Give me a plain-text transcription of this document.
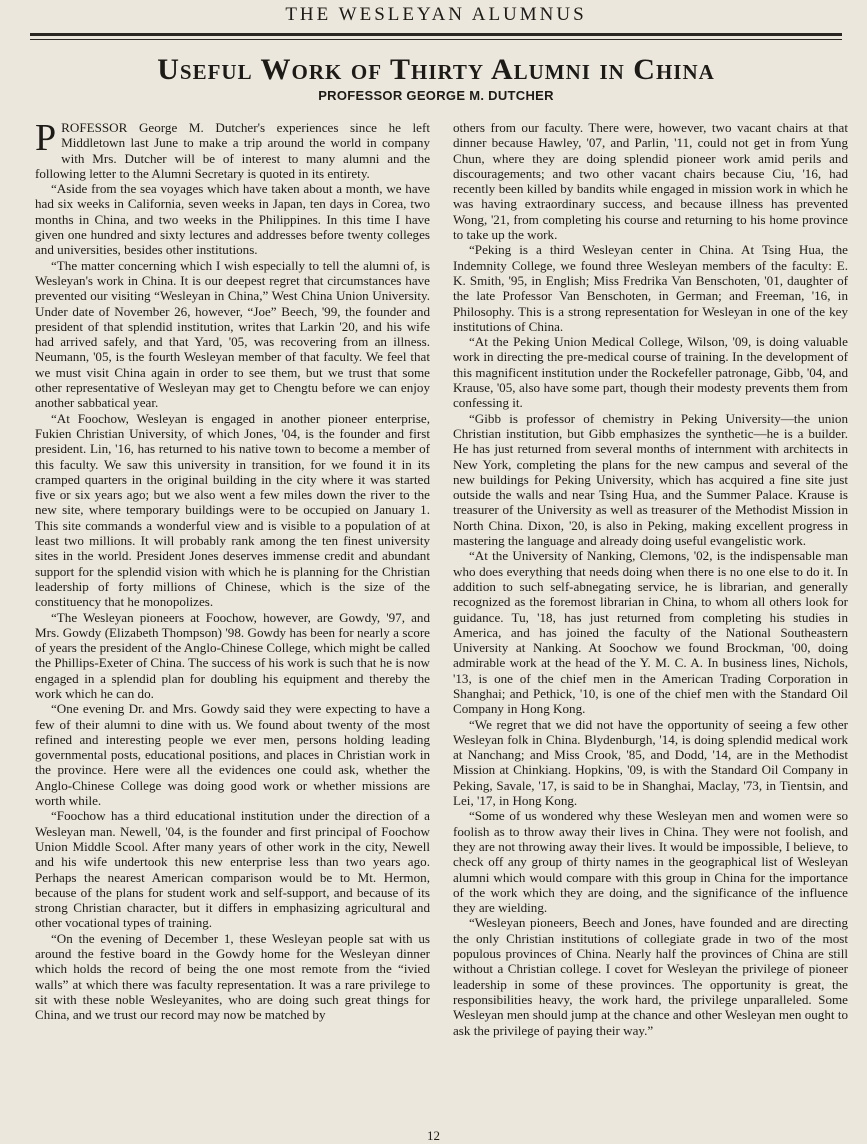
THE WESLEYAN ALUMNUS
Useful Work of Thirty Alumni in China
PROFESSOR GEORGE M. DUTCHER

PROFESSOR George M. Dutcher's experiences since he left Middletown last June to make a trip around the world in company with Mrs. Dutcher will be of interest to many alumni and the following letter to the Alumni Secretary is quoted in its entirety.

“Aside from the sea voyages which have taken about a month, we have had six weeks in California, seven weeks in Japan, ten days in Corea, two months in China, and two weeks in the Philippines. In this time I have given one hundred and sixty lectures and addresses before twenty colleges and universities, besides other institutions.

“The matter concerning which I wish especially to tell the alumni of, is Wesleyan's work in China. It is our deepest regret that circumstances have prevented our visiting “Wesleyan in China,” West China Union University. Under date of November 26, however, “Joe” Beech, '99, the founder and president of that splendid institution, writes that Larkin '20, and his wife had arrived safely, and that Yard, '05, was recovering from an illness. Neumann, '05, is the fourth Wesleyan member of that faculty. We feel that we must visit China again in order to see them, but we trust that some other representative of Wesleyan may get to Chengtu before we can enjoy another sabbatical year.

“At Foochow, Wesleyan is engaged in another pioneer enterprise, Fukien Christian University, of which Jones, '04, is the founder and first president. Lin, '16, has returned to his native town to become a member of this faculty. We saw this university in transition, for we found it in its cramped quarters in the original building in the city where it was started five or six years ago; but we also went a few miles down the river to the new site, where temporary buildings were to be occupied on January 1. This site commands a wonderful view and is visible to a population of at least two millions. It will probably rank among the ten finest university sites in the world. President Jones deserves immense credit and abundant support for the splendid vision with which he is planning for the Christian leadership of forty millions of Chinese, which is the size of the constituency that he monopolizes.

“The Wesleyan pioneers at Foochow, however, are Gowdy, '97, and Mrs. Gowdy (Elizabeth Thompson) '98. Gowdy has been for nearly a score of years the president of the Anglo-Chinese College, which might be called the Phillips-Exeter of China. The success of his work is such that he is now engaged in a splendid plan for doubling his equipment and thereby the work which he can do.

“One evening Dr. and Mrs. Gowdy said they were expecting to have a few of their alumni to dine with us. We found about twenty of the most refined and interesting people we ever men, persons holding leading governmental posts, educational positions, and places in Christian work in the province. Here were all the evidences one could ask, whether the Anglo-Chinese College was doing good work or whether missions are worth while.

“Foochow has a third educational institution under the direction of a Wesleyan man. Newell, '04, is the founder and first principal of Foochow Union Middle Scool. After many years of other work in the city, Newell and his wife undertook this new enterprise less than two years ago. Perhaps the nearest American comparison would be to Mt. Hermon, because of the plans for student work and self-support, and because of its strong Christian character, but it differs in emphasizing agricultural and other vocational types of training.

“On the evening of December 1, these Wesleyan people sat with us around the festive board in the Gowdy home for the Wesleyan dinner which holds the record of being the one most remote from the “ivied walls” at which there was faculty representation. It was a rare privilege to sit with these noble Wesleyanites, who are doing such great things for China, and we trust our record may now be matched by

others from our faculty. There were, however, two vacant chairs at that dinner because Hawley, '07, and Parlin, '11, could not get in from Yung Chun, where they are doing splendid pioneer work amid perils and discouragements; and two other vacant chairs because Ciu, '16, had recently been killed by bandits while engaged in mission work in which he was having extraordinary success, and because illness has prevented Wong, '21, from completing his course and returning to his home province to take up the work.

“Peking is a third Wesleyan center in China. At Tsing Hua, the Indemnity College, we found three Wesleyan members of the faculty: E. K. Smith, '95, in English; Miss Fredrika Van Benschoten, '01, daughter of the late Professor Van Benschoten, in German; and Freeman, '16, in Philosophy. This is a strong representation for Wesleyan in one of the key institutions of China.

“At the Peking Union Medical College, Wilson, '09, is doing valuable work in directing the pre-medical course of training. In the development of this magnificent institution under the Rockefeller patronage, Gibb, '04, and Krause, '05, also have some part, though their modesty prevents them from confessing it.

“Gibb is professor of chemistry in Peking University—the union Christian institution, but Gibb emphasizes the synthetic—he is a builder. He has just returned from several months of internment with architects in New York, completing the plans for the new campus and several of the new buildings for Peking University, which has acquired a fine site just outside the walls and near Tsing Hua, and the Summer Palace. Krause is treasurer of the University as well as treasurer of the Methodist Mission in North China. Dixon, '20, is also in Peking, making excellent progress in mastering the language and already doing useful evangelistic work.

“At the University of Nanking, Clemons, '02, is the indispensable man who does everything that needs doing when there is no one else to do it. In addition to such self-abnegating service, he is librarian, and generally recognized as the foremost librarian in China, to whom all others look for guidance. Tu, '18, has just returned from completing his studies in America, and has joined the faculty of the National Southeastern University at Nanking. At Soochow we found Brockman, '00, doing admirable work at the head of the Y. M. C. A. In business lines, Nichols, '13, is one of the chief men in the American Trading Corporation in Shanghai; and Pethick, '10, is one of the chief men with the Standard Oil Company in Hong Kong.

“We regret that we did not have the opportunity of seeing a few other Wesleyan folk in China. Blydenburgh, '14, is doing splendid medical work at Nanchang; and Miss Crook, '85, and Dodd, '14, are in the Methodist Mission at Chinkiang. Hopkins, '09, is with the Standard Oil Company in Peking, Savale, '17, is said to be in Shanghai, Maclay, '73, in Tientsin, and Lei, '17, in Hong Kong.

“Some of us wondered why these Wesleyan men and women were so foolish as to throw away their lives in China. They were not foolish, and they are not throwing away their lives. It would be impossible, I believe, to check off any group of thirty names in the geographical list of Wesleyan alumni which would compare with this group in China for the importance of the work which they are doing, and the significance of the influence they are wielding.

“Wesleyan pioneers, Beech and Jones, have founded and are directing the only Christian institutions of collegiate grade in two of the most populous provinces of China. Nearly half the provinces of China are still without a Christian college. I covet for Wesleyan the privilege of pioneer leadership in some of these provinces. The opportunity is great, the responsibilities heavy, the work hard, the privilege unparalleled. Some Wesleyan men should jump at the chance and other Wesleyan men ought to ask the privilege of paying their way.”

12
